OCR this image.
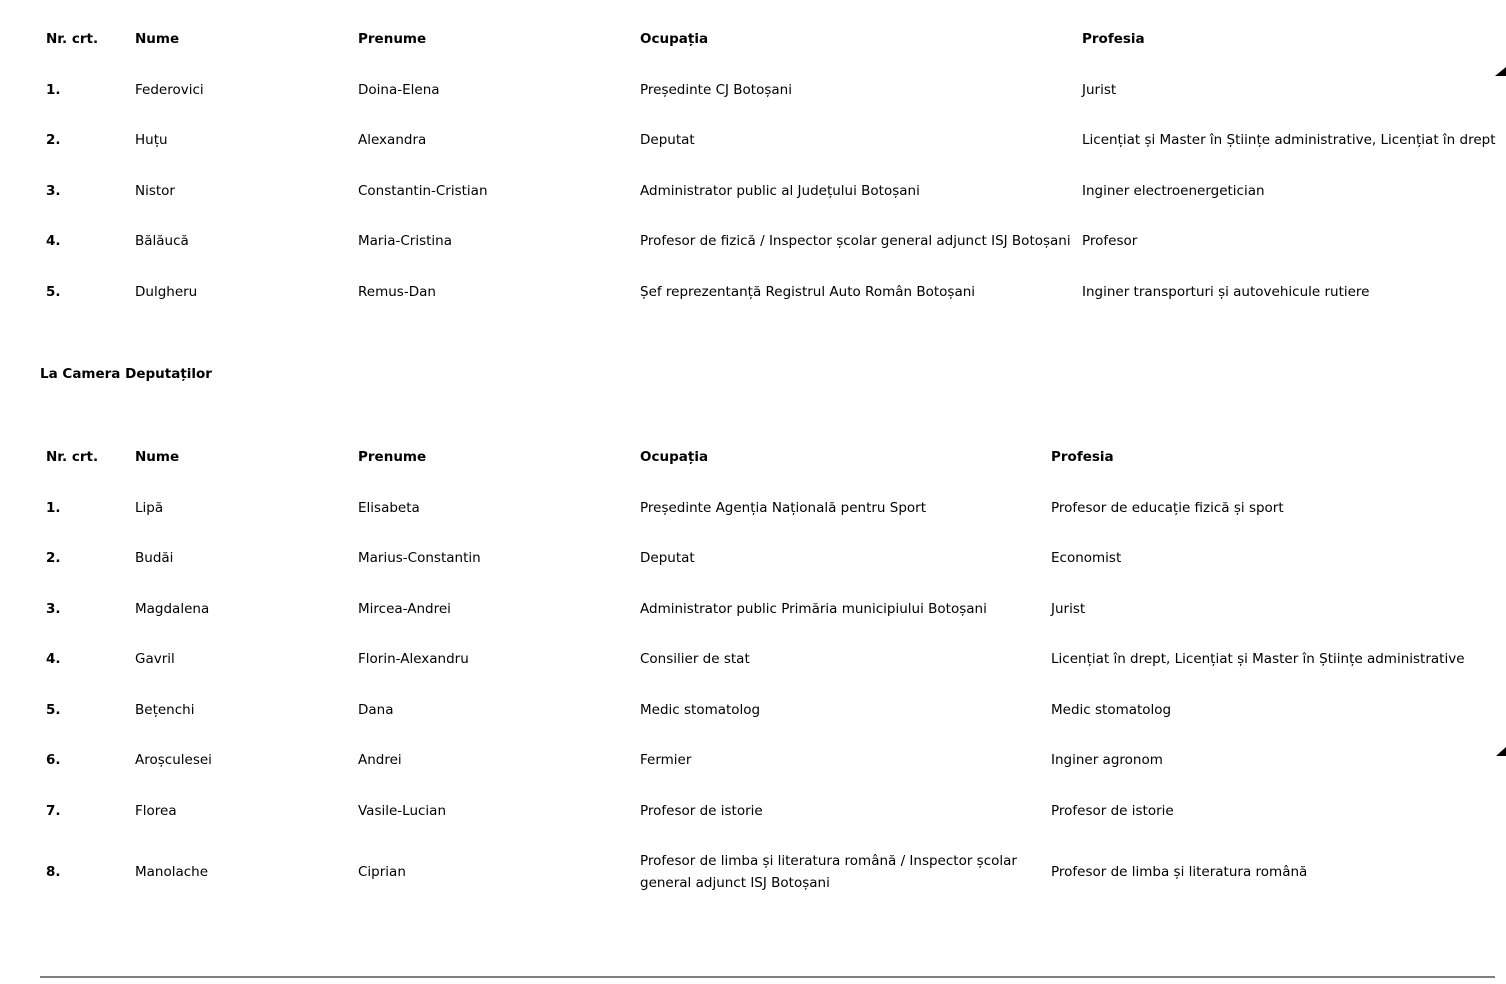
Nr. crt.	Nume	Prenume	Ocupația	Profesia
1.	Federovici	Doina-Elena	Președinte CJ Botoșani	Jurist
2.	Huțu	Alexandra	Deputat	Licențiat și Master în Științe administrative, Licențiat în drept
3.	Nistor	Constantin-Cristian	Administrator public al Județului Botoșani	Inginer electroenergetician
4.	Bălăucă	Maria-Cristina	Profesor de fizică / Inspector școlar general adjunct ISJ Botoșani	Profesor
5.	Dulgheru	Remus-Dan	Șef reprezentanță Registrul Auto Român Botoșani	Inginer transporturi și autovehicule rutiere
La Camera Deputaților
Nr. crt.	Nume	Prenume	Ocupația	Profesia
1.	Lipă	Elisabeta	Președinte Agenția Națională pentru Sport	Profesor de educație fizică și sport
2.	Budăi	Marius-Constantin	Deputat	Economist
3.	Magdalena	Mircea-Andrei	Administrator public Primăria municipiului Botoșani	Jurist
4.	Gavril	Florin-Alexandru	Consilier de stat	Licențiat în drept, Licențiat și Master în Științe administrative
5.	Bețenchi	Dana	Medic stomatolog	Medic stomatolog
6.	Aroșculesei	Andrei	Fermier	Inginer agronom
7.	Florea	Vasile-Lucian	Profesor de istorie	Profesor de istorie
8.	Manolache	Ciprian	Profesor de limba și literatura română / Inspector școlar general adjunct ISJ Botoșani	Profesor de limba și literatura română
